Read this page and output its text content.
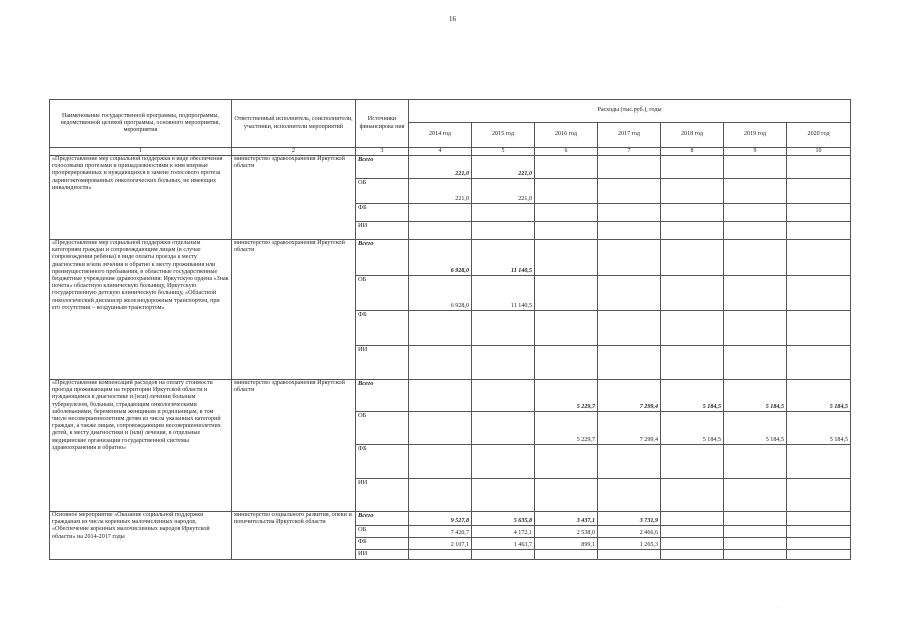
16
Наименование государственной программы, подпрограммы, ведомственной целевой программы, основного мероприятия, мероприятия	Ответственный исполнитель, соисполнители, участники, исполнители мероприятий	Источники финансирова ния	Расходы (тыс.руб.), годы						
			2014 год	2015 год	2016 год	2017 год	2018 год	2019 год	2020 год
1	2	3	4	5	6	7	8	9	10
«Предоставление мер социальной поддержки в виде обеспечения голосовыми протезами и принадлежностями к ним впервые пропрерированных и нуждающихся в замене голосового протеза ларингэктомированных онкологических больных, не имеющих инвалидности»	министерство здравоохранения Иркутской области	Всего	221,0	221,0					
		ОБ	221,0	221,0					
		ФБ							
		ИИ							
«Предоставление мер социальной поддержки отдельным категориям граждан и сопровождающим лицам (в случае сопровождения ребенка) в виде оплаты проезда к месту диагностики и/или лечения и обратно к месту проживания или преимущественного пребывания, в областные государственные бюджетные учреждения здравоохранения: Иркутскую ордена «Знак почета» областную клиническую больницу, Иркутскую государственную детскую клиническую больницу, «Областной онкологический диспансер железнодорожным транспортом, при его отсутствии – воздушным транспортом»	министерство здравоохранения Иркутской области	Всего	6 928,0	11 140,5					
		ОБ	6 928,0	11 140,5					
		ФБ							
		ИИ							
«Предоставление компенсаций расходов на оплату стоимости проезда проживающим на территории Иркутской области и нуждающимся в диагностике и (или) лечении больным туберкулезом, больным, страдающим онкологическими заболеваниями, беременным женщинам и родильницам, в том числе несовершеннолетним детям из числа указанных категорий граждан, а также лицам, сопровождающим несовершеннолетних детей, к месту диагностики и (или) лечения, в отдельные медицинские организации государственной системы здравоохранения и обратно»	министерство здравоохранения Иркутской области	Всего			5 229,7	7 299,4	5 184,5	5 184,5	5 184,5
		ОБ			5 229,7	7 299,4	5 184,5	5 184,5	5 184,5
		ФБ							
		ИИ							
Основное мероприятие «Оказание социальной поддержки гражданам из числа коренных малочисленных народов, «Обеспечение коренных малочисленных народов Иркутской области» на 2014-2017 годы	министерство социального развития, опеки и попечительства Иркутской области	Всего	9 527,8	5 635,8	3 437,1	3 731,9			
		ОБ	7 420,7	4 172,1	2 538,0	2 466,6			
		ФБ	2 107,1	1 463,7	899,1	1 265,3			
		ИИ							
·
